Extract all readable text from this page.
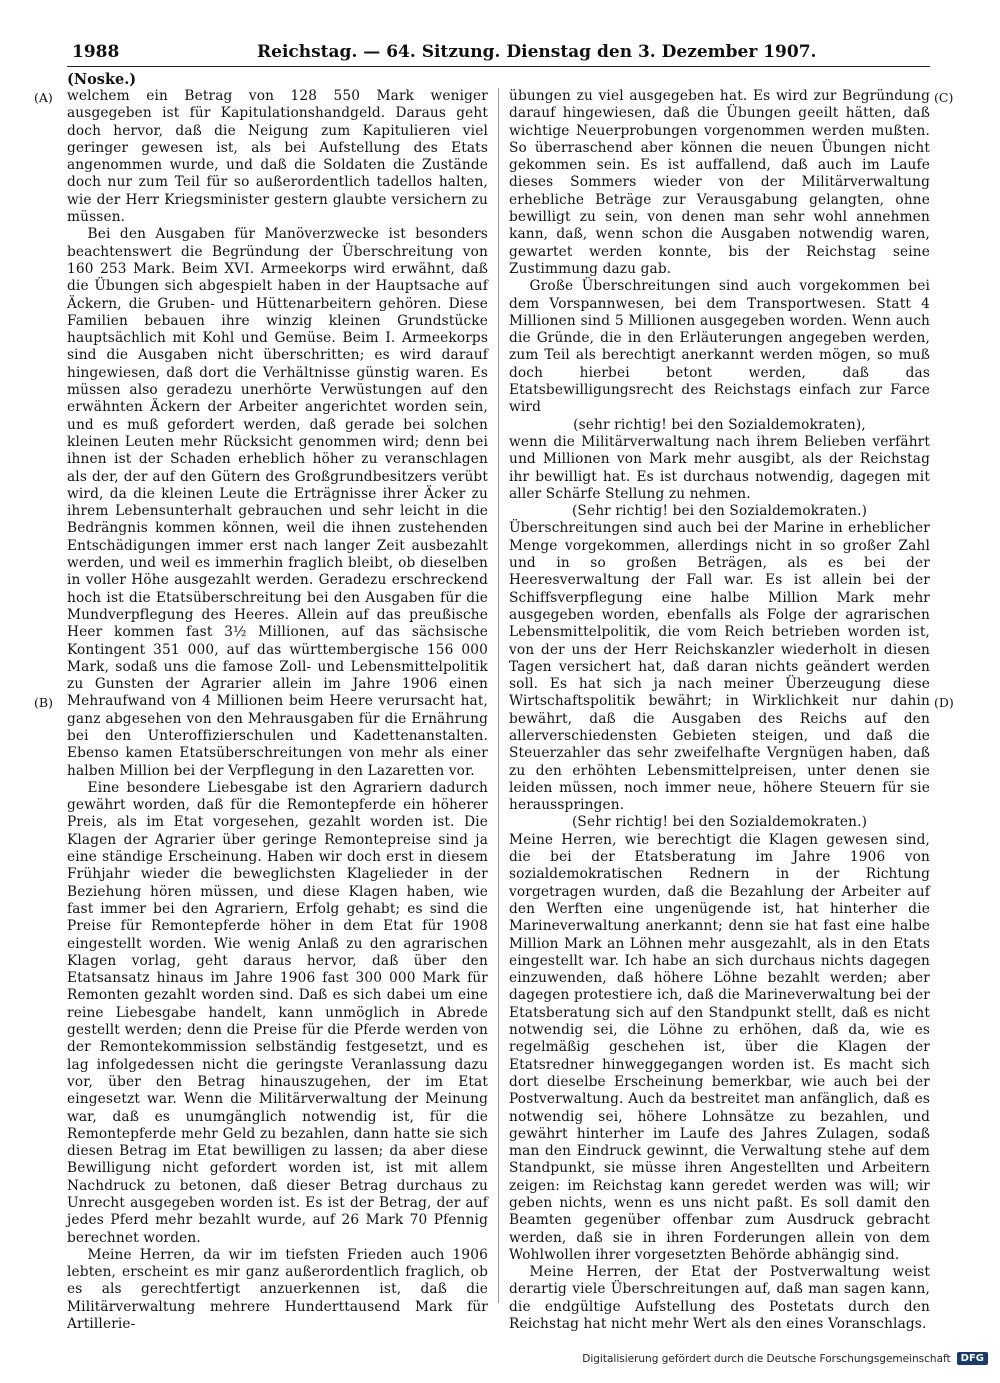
1988	Reichstag. — 64. Sitzung. Dienstag den 3. Dezember 1907.
(Noske.)
(A)
(B)
(C)
(D)

welchem ein Betrag von 128 550 Mark weniger ausgegeben ist für Kapitulationshandgeld. Daraus geht doch hervor, daß die Neigung zum Kapitulieren viel geringer gewesen ist, als bei Aufstellung des Etats angenommen wurde, und daß die Soldaten die Zustände doch nur zum Teil für so außerordentlich tadellos halten, wie der Herr Kriegsminister gestern glaubte versichern zu müssen.

Bei den Ausgaben für Manöverzwecke ist besonders beachtenswert die Begründung der Überschreitung von 160 253 Mark. Beim XVI. Armeekorps wird erwähnt, daß die Übungen sich abgespielt haben in der Hauptsache auf Äckern, die Gruben- und Hüttenarbeitern gehören. Diese Familien bebauen ihre winzig kleinen Grundstücke hauptsächlich mit Kohl und Gemüse. Beim I. Armeekorps sind die Ausgaben nicht überschritten; es wird darauf hingewiesen, daß dort die Verhältnisse günstig waren. Es müssen also geradezu unerhörte Verwüstungen auf den erwähnten Äckern der Arbeiter angerichtet worden sein, und es muß gefordert werden, daß gerade bei solchen kleinen Leuten mehr Rücksicht genommen wird; denn bei ihnen ist der Schaden erheblich höher zu veranschlagen als der, der auf den Gütern des Großgrundbesitzers verübt wird, da die kleinen Leute die Erträgnisse ihrer Äcker zu ihrem Lebensunterhalt gebrauchen und sehr leicht in die Bedrängnis kommen können, weil die ihnen zustehenden Entschädigungen immer erst nach langer Zeit ausbezahlt werden, und weil es immerhin fraglich bleibt, ob dieselben in voller Höhe ausgezahlt werden. Geradezu erschreckend hoch ist die Etatsüberschreitung bei den Ausgaben für die Mundverpflegung des Heeres. Allein auf das preußische Heer kommen fast 3½ Millionen, auf das sächsische Kontingent 351 000, auf das württembergische 156 000 Mark, sodaß uns die famose Zoll- und Lebensmittelpolitik zu Gunsten der Agrarier allein im Jahre 1906 einen Mehraufwand von 4 Millionen beim Heere verursacht hat, ganz abgesehen von den Mehrausgaben für die Ernährung bei den Unteroffizierschulen und Kadettenanstalten. Ebenso kamen Etatsüberschreitungen von mehr als einer halben Million bei der Verpflegung in den Lazaretten vor.

Eine besondere Liebesgabe ist den Agrariern dadurch gewährt worden, daß für die Remontepferde ein höherer Preis, als im Etat vorgesehen, gezahlt worden ist. Die Klagen der Agrarier über geringe Remontepreise sind ja eine ständige Erscheinung. Haben wir doch erst in diesem Frühjahr wieder die beweglichsten Klagelieder in der Beziehung hören müssen, und diese Klagen haben, wie fast immer bei den Agrariern, Erfolg gehabt; es sind die Preise für Remontepferde höher in dem Etat für 1908 eingestellt worden. Wie wenig Anlaß zu den agrarischen Klagen vorlag, geht daraus hervor, daß über den Etatsansatz hinaus im Jahre 1906 fast 300 000 Mark für Remonten gezahlt worden sind. Daß es sich dabei um eine reine Liebesgabe handelt, kann unmöglich in Abrede gestellt werden; denn die Preise für die Pferde werden von der Remontekommission selbständig festgesetzt, und es lag infolgedessen nicht die geringste Veranlassung dazu vor, über den Betrag hinauszugehen, der im Etat eingesetzt war. Wenn die Militärverwaltung der Meinung war, daß es unumgänglich notwendig ist, für die Remontepferde mehr Geld zu bezahlen, dann hatte sie sich diesen Betrag im Etat bewilligen zu lassen; da aber diese Bewilligung nicht gefordert worden ist, ist mit allem Nachdruck zu betonen, daß dieser Betrag durchaus zu Unrecht ausgegeben worden ist. Es ist der Betrag, der auf jedes Pferd mehr bezahlt wurde, auf 26 Mark 70 Pfennig berechnet worden.

Meine Herren, da wir im tiefsten Frieden auch 1906 lebten, erscheint es mir ganz außerordentlich fraglich, ob es als gerechtfertigt anzuerkennen ist, daß die Militärverwaltung mehrere Hunderttausend Mark für Artillerie-

übungen zu viel ausgegeben hat. Es wird zur Begründung darauf hingewiesen, daß die Übungen geeilt hätten, daß wichtige Neuerprobungen vorgenommen werden mußten. So überraschend aber können die neuen Übungen nicht gekommen sein. Es ist auffallend, daß auch im Laufe dieses Sommers wieder von der Militärverwaltung erhebliche Beträge zur Verausgabung gelangten, ohne bewilligt zu sein, von denen man sehr wohl annehmen kann, daß, wenn schon die Ausgaben notwendig waren, gewartet werden konnte, bis der Reichstag seine Zustimmung dazu gab.

Große Überschreitungen sind auch vorgekommen bei dem Vorspannwesen, bei dem Transportwesen. Statt 4 Millionen sind 5 Millionen ausgegeben worden. Wenn auch die Gründe, die in den Erläuterungen angegeben werden, zum Teil als berechtigt anerkannt werden mögen, so muß doch hierbei betont werden, daß das Etatsbewilligungsrecht des Reichstags einfach zur Farce wird

(sehr richtig! bei den Sozialdemokraten),

wenn die Militärverwaltung nach ihrem Belieben verfährt und Millionen von Mark mehr ausgibt, als der Reichstag ihr bewilligt hat. Es ist durchaus notwendig, dagegen mit aller Schärfe Stellung zu nehmen.

(Sehr richtig! bei den Sozialdemokraten.)

Überschreitungen sind auch bei der Marine in erheblicher Menge vorgekommen, allerdings nicht in so großer Zahl und in so großen Beträgen, als es bei der Heeresverwaltung der Fall war. Es ist allein bei der Schiffsverpflegung eine halbe Million Mark mehr ausgegeben worden, ebenfalls als Folge der agrarischen Lebensmittelpolitik, die vom Reich betrieben worden ist, von der uns der Herr Reichskanzler wiederholt in diesen Tagen versichert hat, daß daran nichts geändert werden soll. Es hat sich ja nach meiner Überzeugung diese Wirtschaftspolitik bewährt; in Wirklichkeit nur dahin bewährt, daß die Ausgaben des Reichs auf den allerverschiedensten Gebieten steigen, und daß die Steuerzahler das sehr zweifelhafte Vergnügen haben, daß zu den erhöhten Lebensmittelpreisen, unter denen sie leiden müssen, noch immer neue, höhere Steuern für sie herausspringen.

(Sehr richtig! bei den Sozialdemokraten.)

Meine Herren, wie berechtigt die Klagen gewesen sind, die bei der Etatsberatung im Jahre 1906 von sozialdemokratischen Rednern in der Richtung vorgetragen wurden, daß die Bezahlung der Arbeiter auf den Werften eine ungenügende ist, hat hinterher die Marineverwaltung anerkannt; denn sie hat fast eine halbe Million Mark an Löhnen mehr ausgezahlt, als in den Etats eingestellt war. Ich habe an sich durchaus nichts dagegen einzuwenden, daß höhere Löhne bezahlt werden; aber dagegen protestiere ich, daß die Marineverwaltung bei der Etatsberatung sich auf den Standpunkt stellt, daß es nicht notwendig sei, die Löhne zu erhöhen, daß da, wie es regelmäßig geschehen ist, über die Klagen der Etatsredner hinweggegangen worden ist. Es macht sich dort dieselbe Erscheinung bemerkbar, wie auch bei der Postverwaltung. Auch da bestreitet man anfänglich, daß es notwendig sei, höhere Lohnsätze zu bezahlen, und gewährt hinterher im Laufe des Jahres Zulagen, sodaß man den Eindruck gewinnt, die Verwaltung stehe auf dem Standpunkt, sie müsse ihren Angestellten und Arbeitern zeigen: im Reichstag kann geredet werden was will; wir geben nichts, wenn es uns nicht paßt. Es soll damit den Beamten gegenüber offenbar zum Ausdruck gebracht werden, daß sie in ihren Forderungen allein von dem Wohlwollen ihrer vorgesetzten Behörde abhängig sind.

Meine Herren, der Etat der Postverwaltung weist derartig viele Überschreitungen auf, daß man sagen kann, die endgültige Aufstellung des Postetats durch den Reichstag hat nicht mehr Wert als den eines Voranschlags.

Digitalisierung gefördert durch die Deutsche Forschungsgemeinschaft	DFG
